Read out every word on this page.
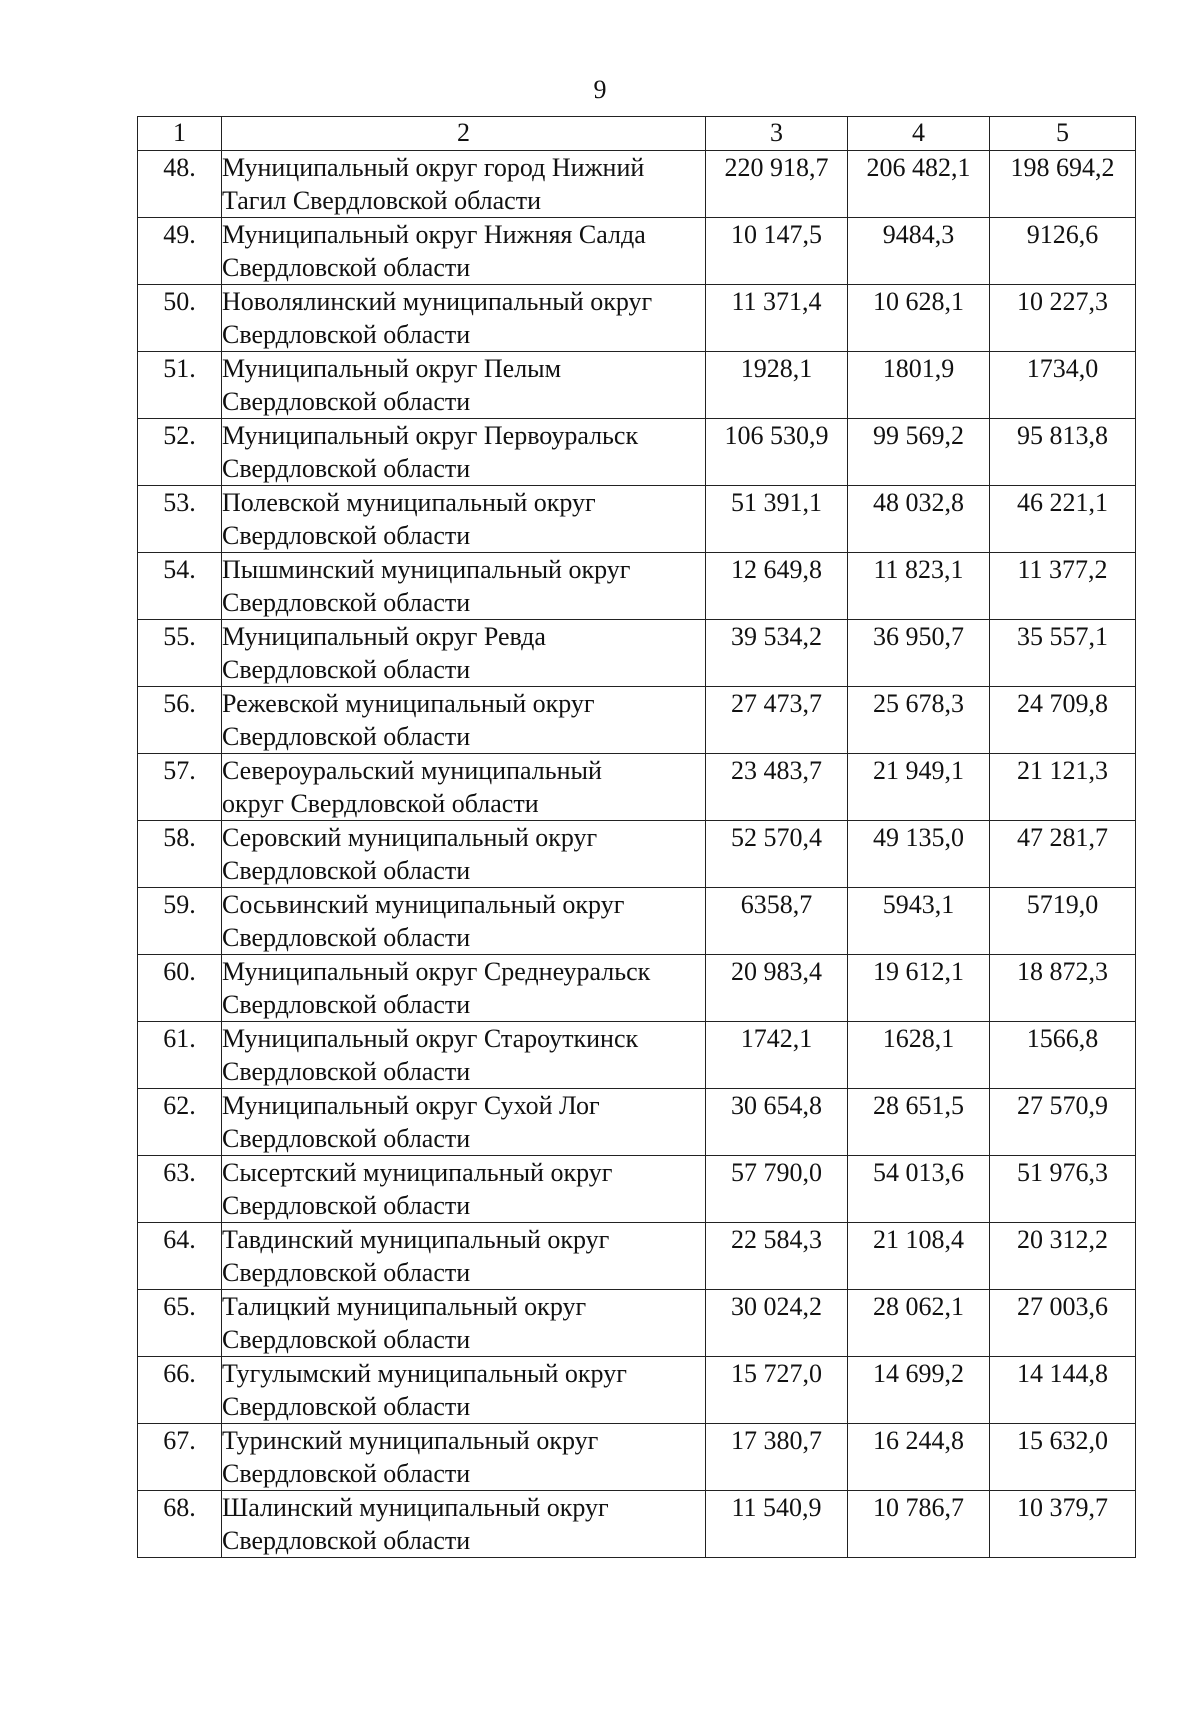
9
1	2	3	4	5
48.	Муниципальный округ город Нижний
Тагил Свердловской области	220 918,7	206 482,1	198 694,2
49.	Муниципальный округ Нижняя Салда
Свердловской области	10 147,5	9484,3	9126,6
50.	Новолялинский муниципальный округ
Свердловской области	11 371,4	10 628,1	10 227,3
51.	Муниципальный округ Пелым
Свердловской области	1928,1	1801,9	1734,0
52.	Муниципальный округ Первоуральск
Свердловской области	106 530,9	99 569,2	95 813,8
53.	Полевской муниципальный округ
Свердловской области	51 391,1	48 032,8	46 221,1
54.	Пышминский муниципальный округ
Свердловской области	12 649,8	11 823,1	11 377,2
55.	Муниципальный округ Ревда
Свердловской области	39 534,2	36 950,7	35 557,1
56.	Режевской муниципальный округ
Свердловской области	27 473,7	25 678,3	24 709,8
57.	Североуральский муниципальный
округ Свердловской области	23 483,7	21 949,1	21 121,3
58.	Серовский муниципальный округ
Свердловской области	52 570,4	49 135,0	47 281,7
59.	Сосьвинский муниципальный округ
Свердловской области	6358,7	5943,1	5719,0
60.	Муниципальный округ Среднеуральск
Свердловской области	20 983,4	19 612,1	18 872,3
61.	Муниципальный округ Староуткинск
Свердловской области	1742,1	1628,1	1566,8
62.	Муниципальный округ Сухой Лог
Свердловской области	30 654,8	28 651,5	27 570,9
63.	Сысертский муниципальный округ
Свердловской области	57 790,0	54 013,6	51 976,3
64.	Тавдинский муниципальный округ
Свердловской области	22 584,3	21 108,4	20 312,2
65.	Талицкий муниципальный округ
Свердловской области	30 024,2	28 062,1	27 003,6
66.	Тугулымский муниципальный округ
Свердловской области	15 727,0	14 699,2	14 144,8
67.	Туринский муниципальный округ
Свердловской области	17 380,7	16 244,8	15 632,0
68.	Шалинский муниципальный округ
Свердловской области	11 540,9	10 786,7	10 379,7
